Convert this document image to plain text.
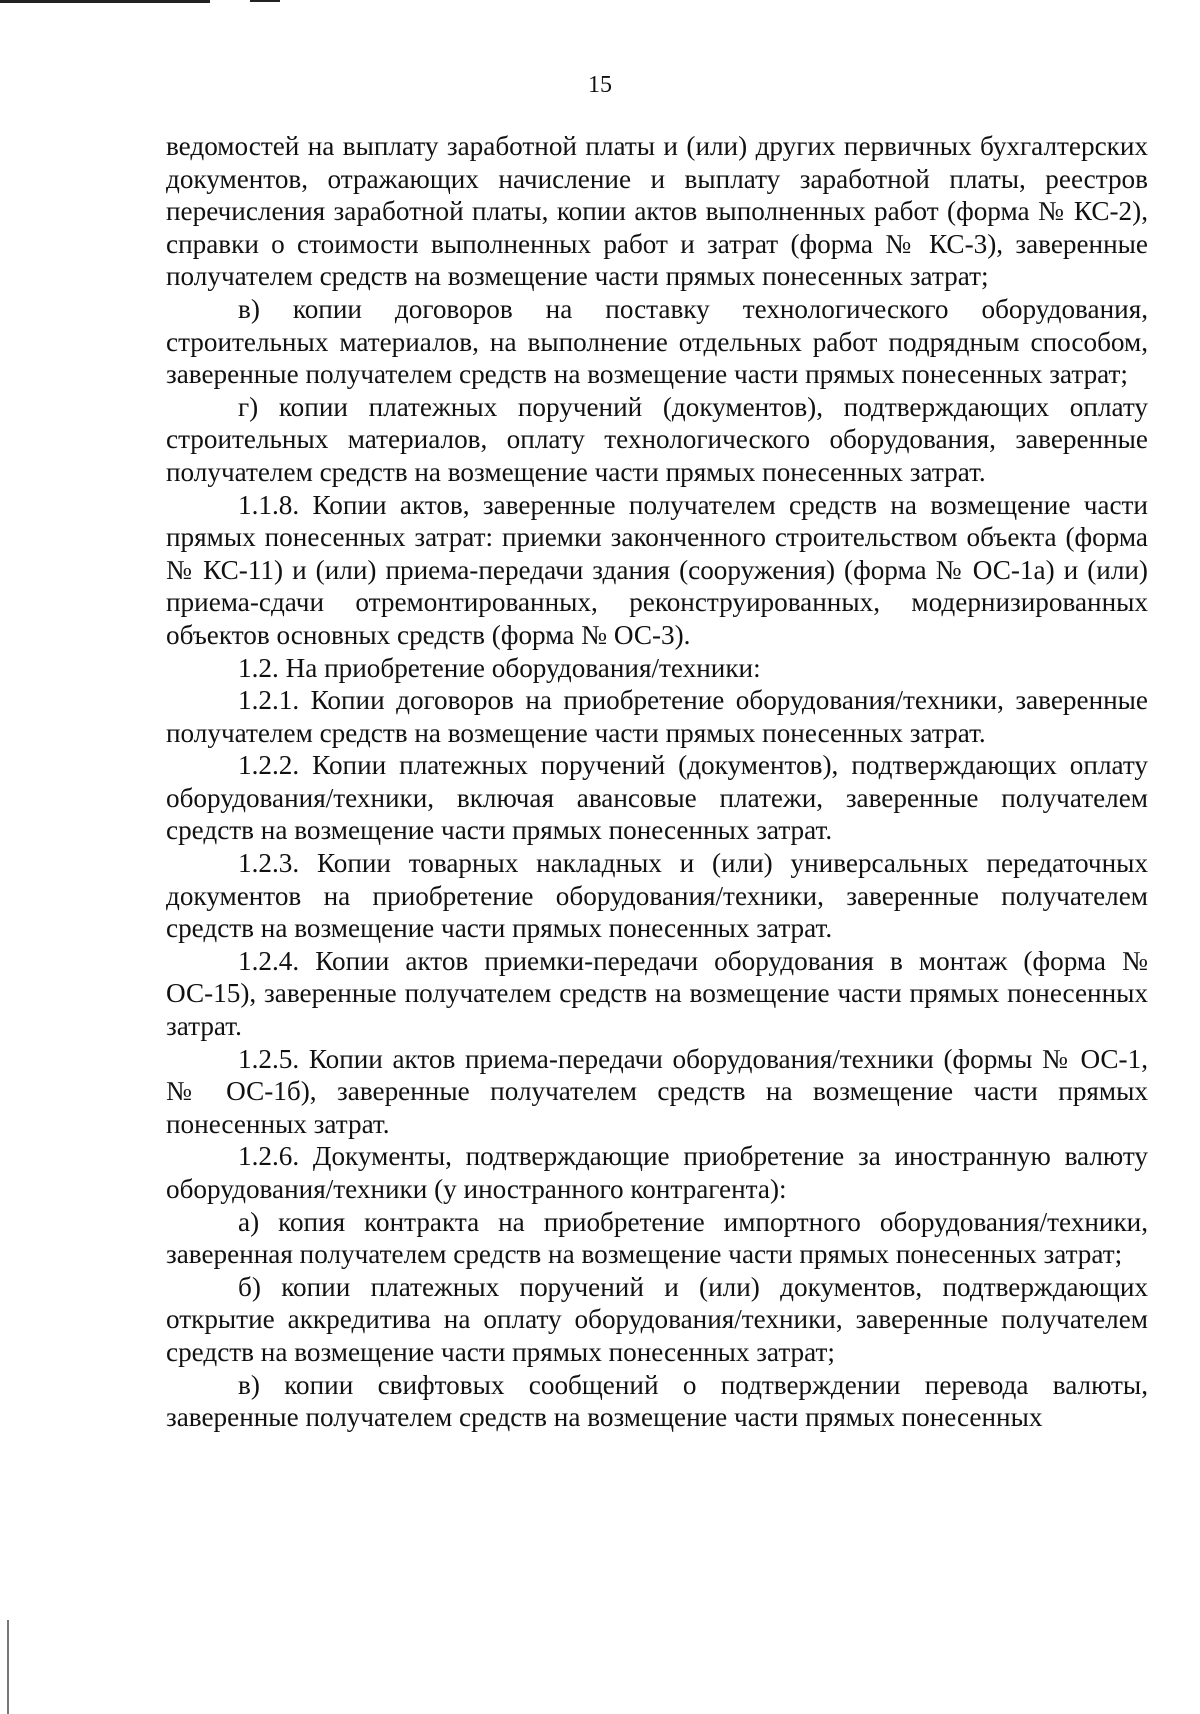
15

ведомостей на выплату заработной платы и (или) других первичных бухгалтерских документов, отражающих начисление и выплату заработной платы, реестров перечисления заработной платы, копии актов выполненных работ (форма № КС-2), справки о стоимости выполненных работ и затрат (форма № КС-3), заверенные получателем средств на возмещение части прямых понесенных затрат;

в) копии договоров на поставку технологического оборудования, строительных материалов, на выполнение отдельных работ подрядным способом, заверенные получателем средств на возмещение части прямых понесенных затрат;

г) копии платежных поручений (документов), подтверждающих оплату строительных материалов, оплату технологического оборудования, заверенные получателем средств на возмещение части прямых понесенных затрат.

1.1.8. Копии актов, заверенные получателем средств на возмещение части прямых понесенных затрат: приемки законченного строительством объекта (форма № КС-11) и (или) приема-передачи здания (сооружения) (форма № ОС-1а) и (или) приема-сдачи отремонтированных, реконструированных, модернизированных объектов основных средств (форма № ОС-3).

1.2. На приобретение оборудования/техники:

1.2.1. Копии договоров на приобретение оборудования/техники, заверенные получателем средств на возмещение части прямых понесенных затрат.

1.2.2. Копии платежных поручений (документов), подтверждающих оплату оборудования/техники, включая авансовые платежи, заверенные получателем средств на возмещение части прямых понесенных затрат.

1.2.3. Копии товарных накладных и (или) универсальных передаточных документов на приобретение оборудования/техники, заверенные получателем средств на возмещение части прямых понесенных затрат.

1.2.4. Копии актов приемки-передачи оборудования в монтаж (форма № ОС-15), заверенные получателем средств на возмещение части прямых понесенных затрат.

1.2.5. Копии актов приема-передачи оборудования/техники (формы № ОС-1, № ОС-1б), заверенные получателем средств на возмещение части прямых понесенных затрат.

1.2.6. Документы, подтверждающие приобретение за иностранную валюту оборудования/техники (у иностранного контрагента):

а) копия контракта на приобретение импортного оборудования/техники, заверенная получателем средств на возмещение части прямых понесенных затрат;

б) копии платежных поручений и (или) документов, подтверждающих открытие аккредитива на оплату оборудования/техники, заверенные получателем средств на возмещение части прямых понесенных затрат;

в) копии свифтовых сообщений о подтверждении перевода валюты, заверенные получателем средств на возмещение части прямых понесенных
